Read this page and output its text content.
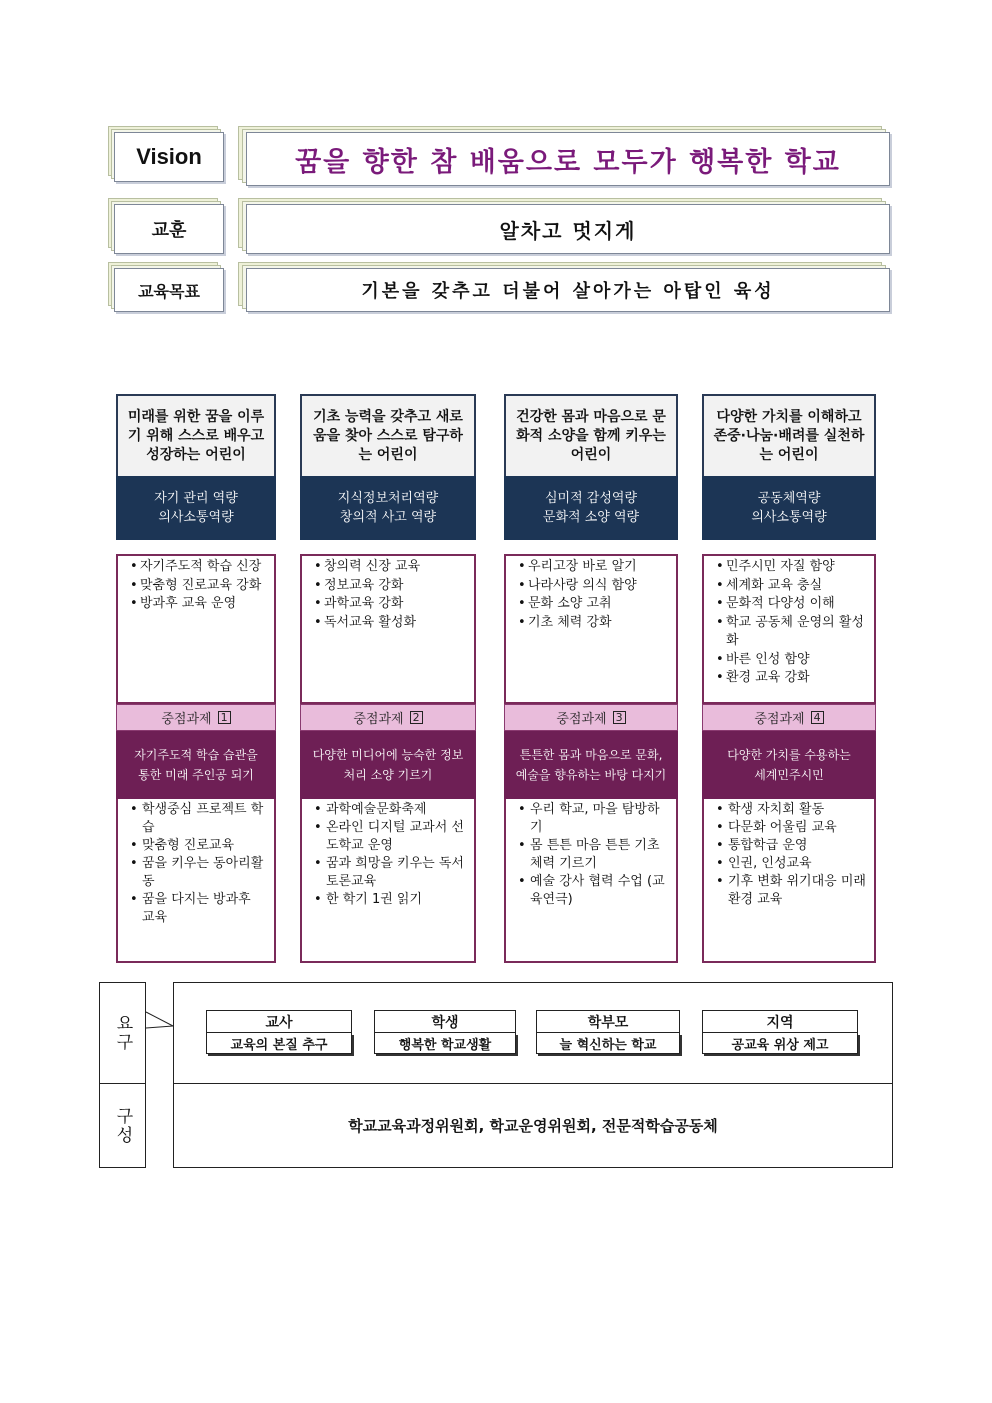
Vision	꿈을 향한 참 배움으로 모두가 행복한 학교
교훈	알차고 멋지게
교육목표	기본을 갖추고 더불어 살아가는 아탑인 육성
미래를 위한 꿈을 이루기 위해 스스로 배우고 성장하는 어린이
자기 관리 역량
의사소통역량
• 자기주도적 학습 신장
• 맞춤형 진로교육 강화
• 방과후 교육 운영
중점과제 1
자기주도적 학습 습관을
통한 미래 주인공 되기
• 학생중심 프로젝트 학습
• 맞춤형 진로교육
• 꿈을 키우는 동아리활동
• 꿈을 다지는 방과후 교육
기초 능력을 갖추고 새로움을 찾아 스스로 탐구하는 어린이
지식정보처리역량
창의적 사고 역량
• 창의력 신장 교육
• 정보교육 강화
• 과학교육 강화
• 독서교육 활성화
중점과제 2
다양한 미디어에 능숙한 정보
처리 소양 기르기
• 과학예술문화축제
• 온라인 디지털 교과서 선도학교 운영
• 꿈과 희망을 키우는 독서토론교육
• 한 학기 1권 읽기
건강한 몸과 마음으로 문화적 소양을 함께 키우는 어린이
심미적 감성역량
문화적 소양 역량
• 우리고장 바로 알기
• 나라사랑 의식 함양
• 문화 소양 고취
• 기초 체력 강화
중점과제 3
튼튼한 몸과 마음으로 문화,
예술을 향유하는 바탕 다지기
• 우리 학교, 마을 탐방하기
• 몸 튼튼 마음 튼튼 기초체력 기르기
• 예술 강사 협력 수업 (교육연극)
다양한 가치를 이해하고 존중·나눔·배려를 실천하는 어린이
공동체역량
의사소통역량
• 민주시민 자질 함양
• 세계화 교육 충실
• 문화적 다양성 이해
• 학교 공동체 운영의 활성화
• 바른 인성 함양
• 환경 교육 강화
중점과제 4
다양한 가치를 수용하는
세계민주시민
• 학생 자치회 활동
• 다문화 어울림 교육
• 통합학급 운영
• 인권, 인성교육
• 기후 변화 위기대응 미래 환경 교육
요구	교사
교육의 본질 추구
학생
행복한 학교생활
학부모
늘 혁신하는 학교
지역
공교육 위상 제고
구성	학교교육과정위원회, 학교운영위원회, 전문적학습공동체
